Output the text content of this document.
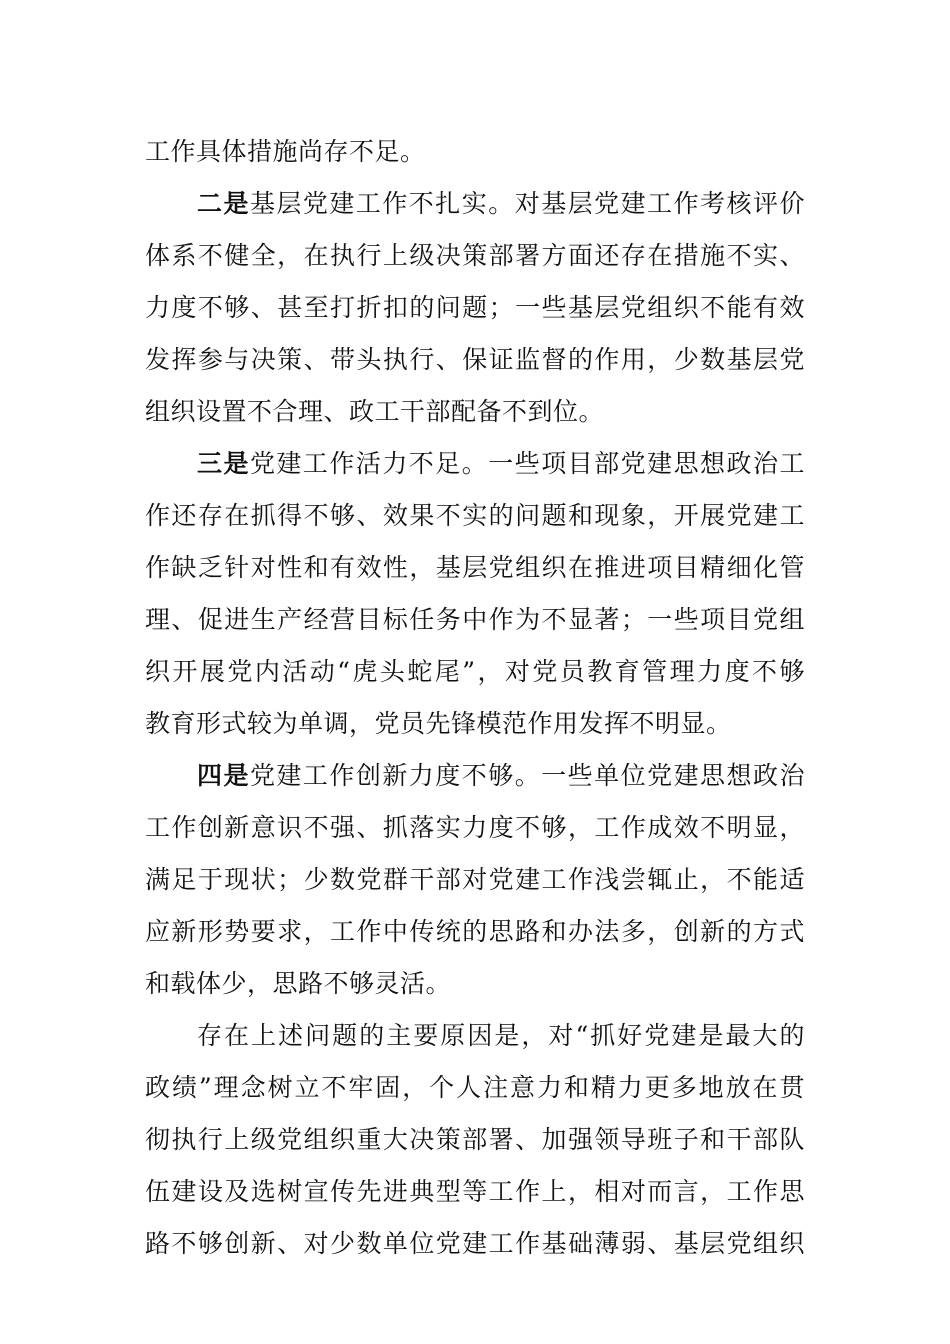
工作具体措施尚存不足。
二是基层党建工作不扎实。对基层党建工作考核评价
体系不健全，在执行上级决策部署方面还存在措施不实、
力度不够、甚至打折扣的问题；一些基层党组织不能有效
发挥参与决策、带头执行、保证监督的作用，少数基层党
组织设置不合理、政工干部配备不到位。
三是党建工作活力不足。一些项目部党建思想政治工
作还存在抓得不够、效果不实的问题和现象，开展党建工
作缺乏针对性和有效性，基层党组织在推进项目精细化管
理、促进生产经营目标任务中作为不显著；一些项目党组
织开展党内活动“虎头蛇尾”，对党员教育管理力度不够
教育形式较为单调，党员先锋模范作用发挥不明显。
四是党建工作创新力度不够。一些单位党建思想政治
工作创新意识不强、抓落实力度不够，工作成效不明显，
满足于现状；少数党群干部对党建工作浅尝辄止，不能适
应新形势要求，工作中传统的思路和办法多，创新的方式
和载体少，思路不够灵活。
存在上述问题的主要原因是，对“抓好党建是最大的
政绩”理念树立不牢固，个人注意力和精力更多地放在贯
彻执行上级党组织重大决策部署、加强领导班子和干部队
伍建设及选树宣传先进典型等工作上，相对而言，工作思
路不够创新、对少数单位党建工作基础薄弱、基层党组织
